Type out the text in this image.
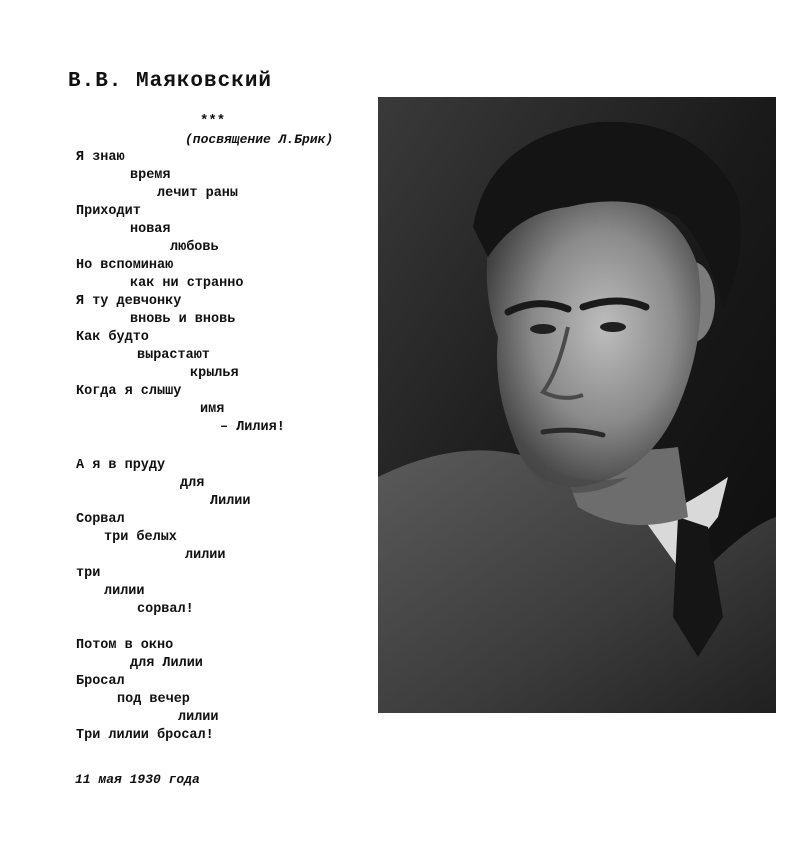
В.В. Маяковский
***
(посвящение Л.Брик)
Я знаю
время
лечит раны
Приходит
новая
любовь
Но вспоминаю
как ни странно
Я ту девчонку
вновь и вновь
Как будто
вырастают
крылья
Когда я слышу
имя
– Лилия!
А я в пруду
для
Лилии
Сорвал
три белых
лилии
три
лилии
сорвал!
Потом в окно
для Лилии
Бросал
под вечер
лилии
Три лилии бросал!
11 мая 1930 года
